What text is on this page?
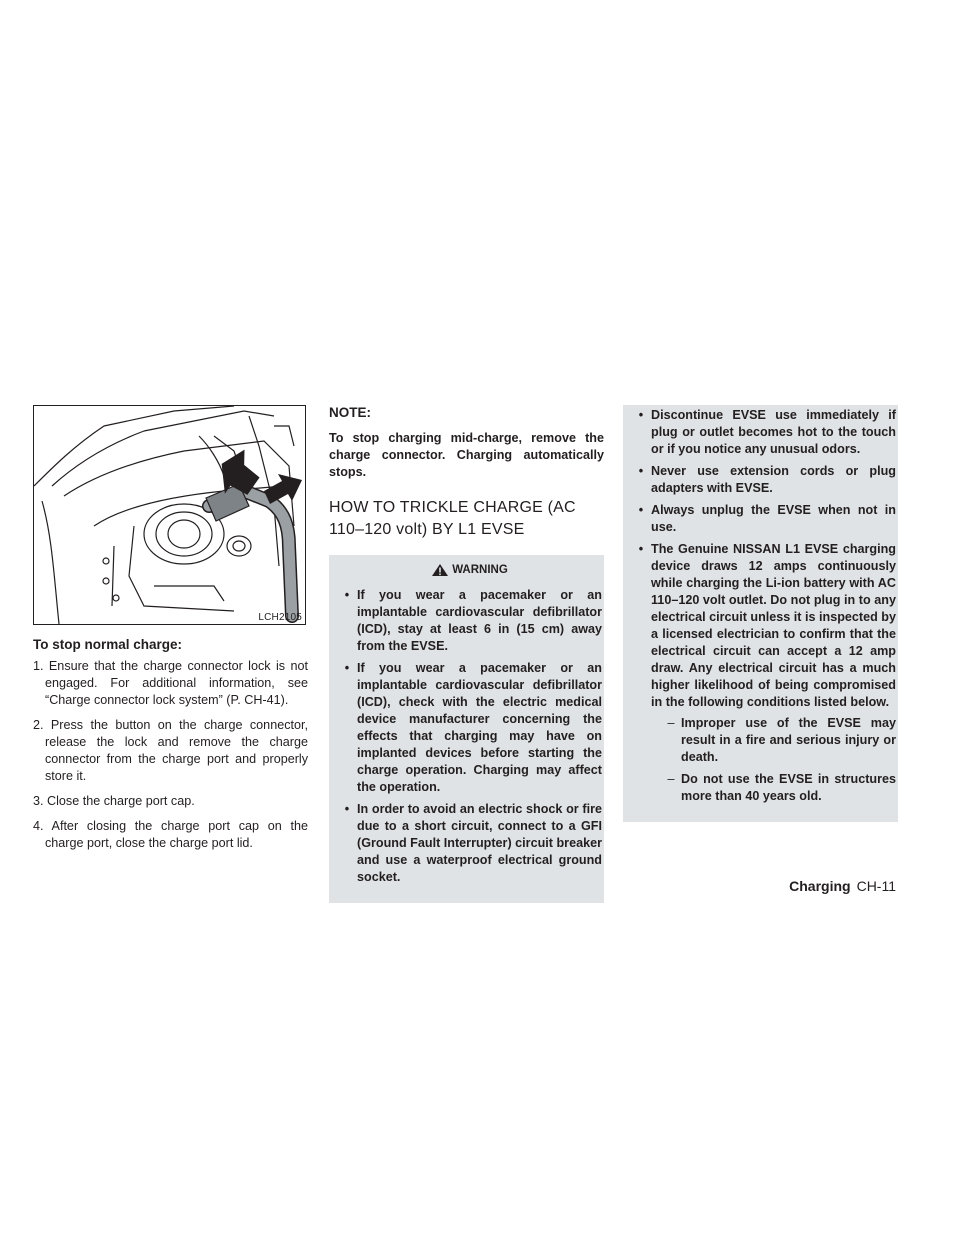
LCH2105
To stop normal charge:
1. Ensure that the charge connector lock is not engaged. For additional information, see “Charge connector lock system” (P. CH-41).
2. Press the button on the charge connector, release the lock and remove the charge connector from the charge port and properly store it.
3. Close the charge port cap.
4. After closing the charge port cap on the charge port, close the charge port lid.
NOTE:

To stop charging mid-charge, remove the charge connector. Charging automatically stops.

HOW TO TRICKLE CHARGE (AC 110–120 volt) BY L1 EVSE
WARNING
• If you wear a pacemaker or an implantable cardiovascular defibrillator (ICD), stay at least 6 in (15 cm) away from the EVSE.
• If you wear a pacemaker or an implantable cardiovascular defibrillator (ICD), check with the electric medical device manufacturer concerning the effects that charging may have on implanted devices before starting the charge operation. Charging may affect the operation.
• In order to avoid an electric shock or fire due to a short circuit, connect to a GFI (Ground Fault Interrupter) circuit breaker and use a waterproof electrical ground socket.
• Discontinue EVSE use immediately if plug or outlet becomes hot to the touch or if you notice any unusual odors.
• Never use extension cords or plug adapters with EVSE.
• Always unplug the EVSE when not in use.
• The Genuine NISSAN L1 EVSE charging device draws 12 amps continuously while charging the Li-ion battery with AC 110–120 volt outlet. Do not plug in to any electrical circuit unless it is inspected by a licensed electrician to confirm that the electrical circuit can accept a 12 amp draw. Any electrical circuit has a much higher likelihood of being compromised in the following conditions listed below.
– Improper use of the EVSE may result in a fire and serious injury or death.
– Do not use the EVSE in structures more than 40 years old.
Charging CH-11
